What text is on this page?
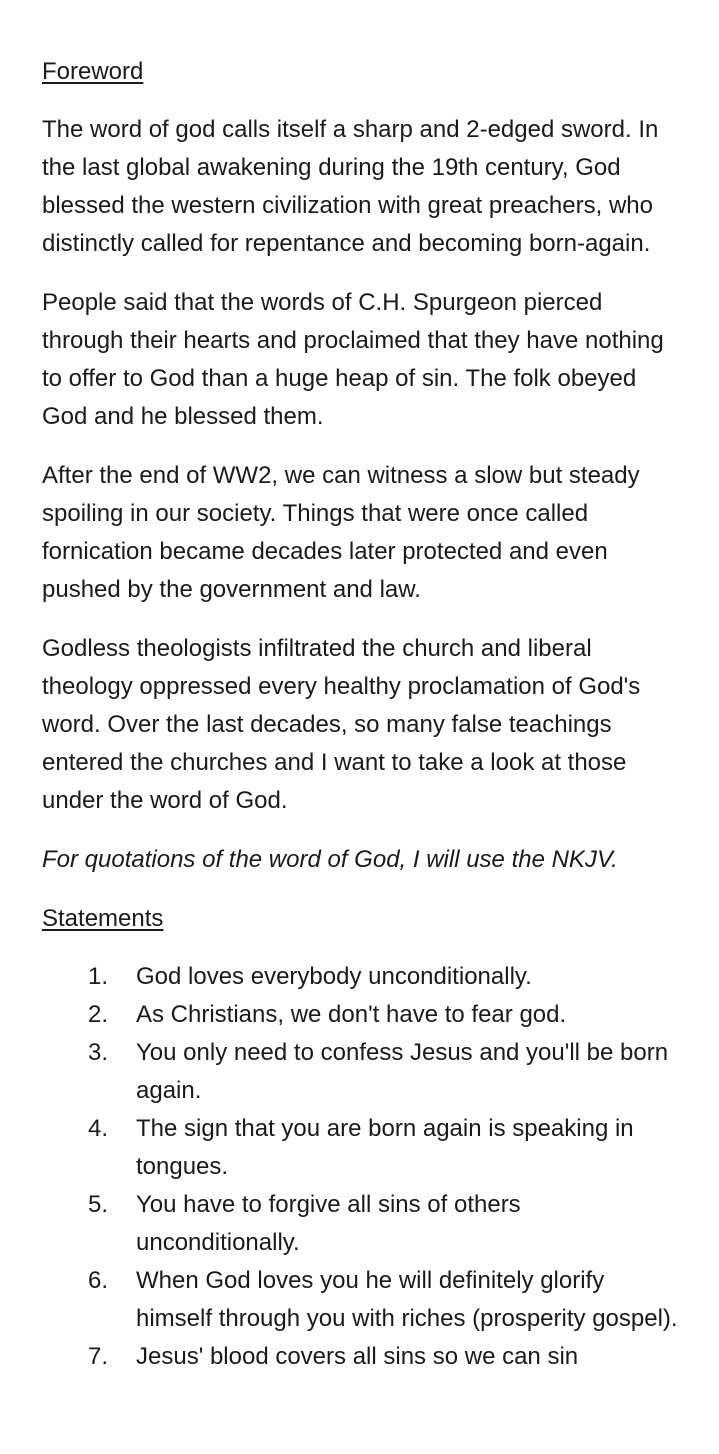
Foreword

The word of god calls itself a sharp and 2-edged sword. In the last global awakening during the 19th century, God blessed the western civilization with great preachers, who distinctly called for repentance and becoming born-again.

People said that the words of C.H. Spurgeon pierced through their hearts and proclaimed that they have nothing to offer to God than a huge heap of sin. The folk obeyed God and he blessed them.

After the end of WW2, we can witness a slow but steady spoiling in our society. Things that were once called fornication became decades later protected and even pushed by the government and law.

Godless theologists infiltrated the church and liberal theology oppressed every healthy proclamation of God's word. Over the last decades, so many false teachings entered the churches and I want to take a look at those under the word of God.

For quotations of the word of God, I will use the NKJV.

Statements
1. God loves everybody unconditionally.
2. As Christians, we don't have to fear god.
3. You only need to confess Jesus and you'll be born again.
4. The sign that you are born again is speaking in tongues.
5. You have to forgive all sins of others unconditionally.
6. When God loves you he will definitely glorify himself through you with riches (prosperity gospel).
7. Jesus' blood covers all sins so we can sin
